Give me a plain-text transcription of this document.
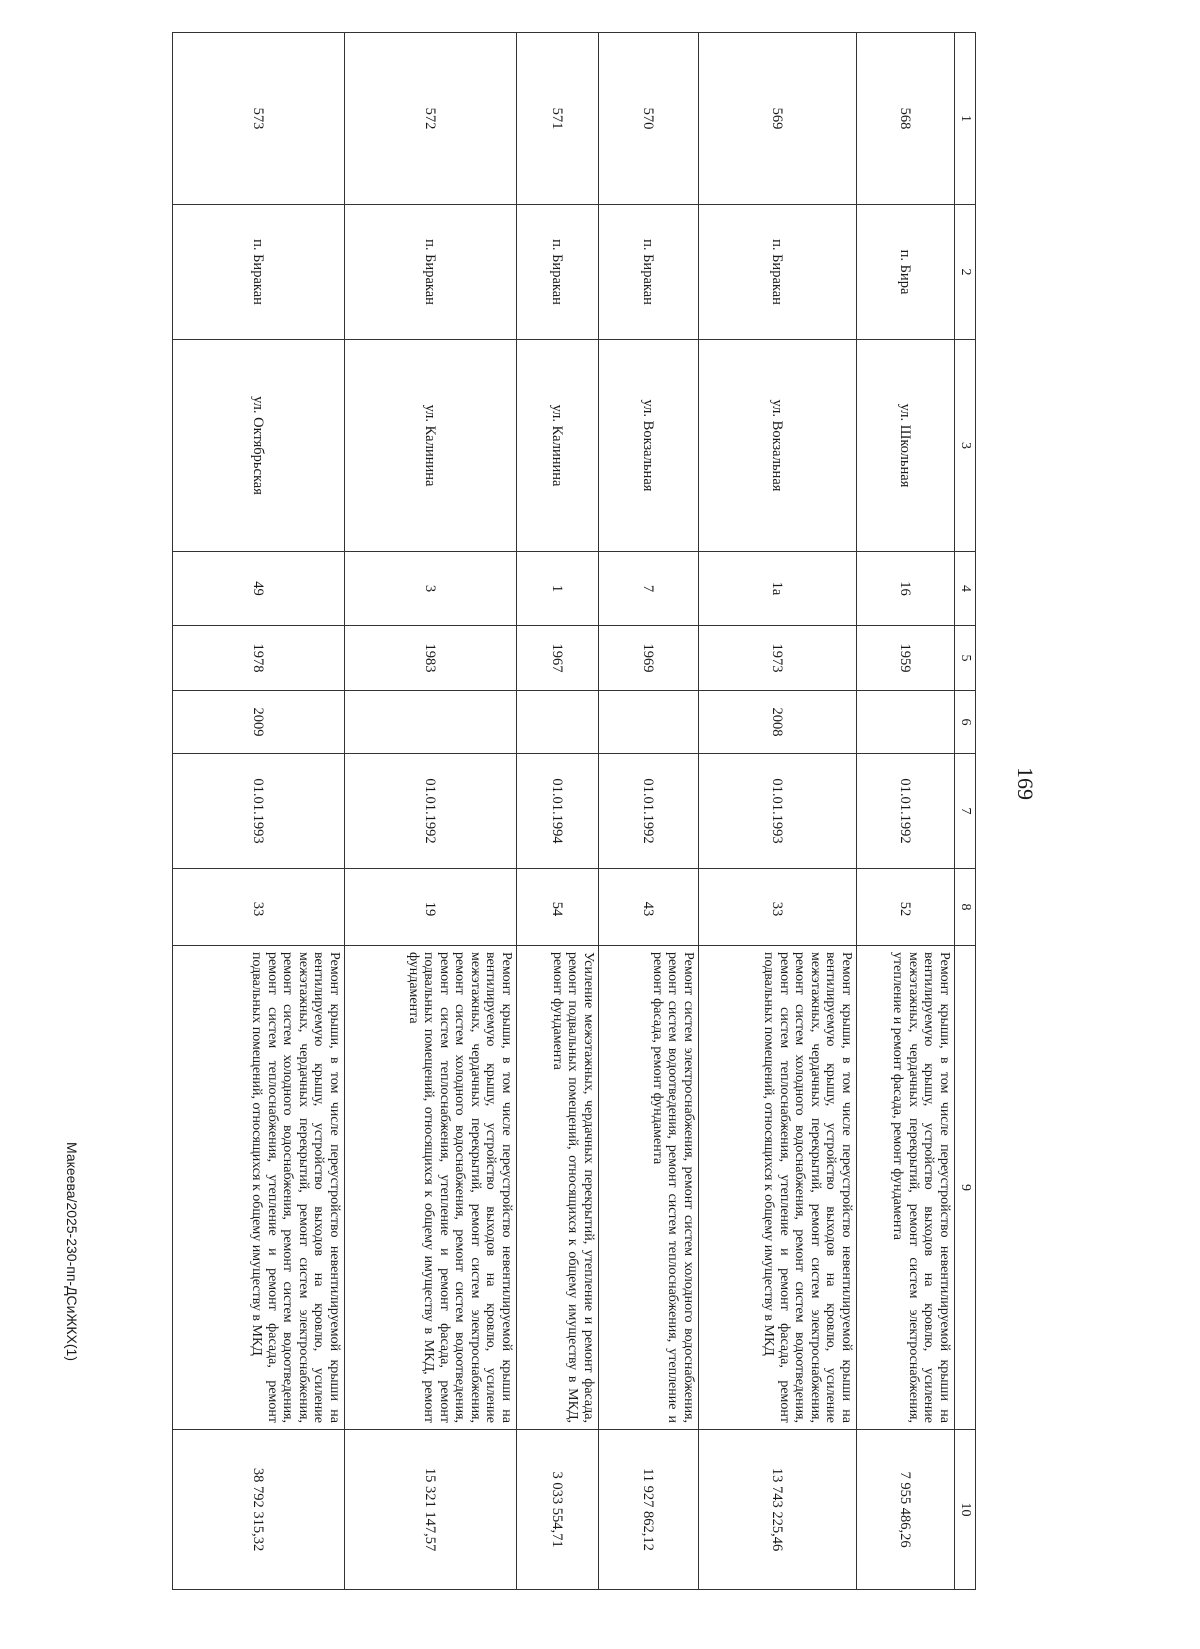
169
1	2	3	4	5	6	7	8	9	10
568	п. Бира	ул. Школьная	16	1959		01.01.1992	52	Ремонт крыши, в том числе переустройство невентилируемой крыши на вентилируемую крышу, устройство выходов на кровлю, усиление межэтажных, чердачных перекрытий, ремонт систем электроснабжения, утепление и ремонт фасада, ремонт фундамента	7 955 486,26
569	п. Биракан	ул. Вокзальная	1а	1973	2008	01.01.1993	33	Ремонт крыши, в том числе переустройство невентилируемой крыши на вентилируемую крышу, устройство выходов на кровлю, усиление межэтажных, чердачных перекрытий, ремонт систем электроснабжения, ремонт систем холодного водоснабжения, ремонт систем водоотведения, ремонт систем теплоснабжения, утепление и ремонт фасада, ремонт подвальных помещений, относящихся к общему имуществу в МКД	13 743 225,46
570	п. Биракан	ул. Вокзальная	7	1969		01.01.1992	43	Ремонт систем электроснабжения, ремонт систем холодного водоснабжения, ремонт систем водоотведения, ремонт систем теплоснабжения, утепление и ремонт фасада, ремонт фундамента	11 927 862,12
571	п. Биракан	ул. Калинина	1	1967		01.01.1994	54	Усиление межэтажных, чердачных перекрытий, утепление и ремонт фасада, ремонт подвальных помещений, относящихся к общему имуществу в МКД, ремонт фундамента	3 033 554,71
572	п. Биракан	ул. Калинина	3	1983		01.01.1992	19	Ремонт крыши, в том числе переустройство невентилируемой крыши на вентилируемую крышу, устройство выходов на кровлю, усиление межэтажных, чердачных перекрытий, ремонт систем электроснабжения, ремонт систем холодного водоснабжения, ремонт систем водоотведения, ремонт систем теплоснабжения, утепление и ремонт фасада, ремонт подвальных помещений, относящихся к общему имуществу в МКД, ремонт фундамента	15 321 147,57
573	п. Биракан	ул. Октябрьская	49	1978	2009	01.01.1993	33	Ремонт крыши, в том числе переустройство невентилируемой крыши на вентилируемую крышу, устройство выходов на кровлю, усиление межэтажных, чердачных перекрытий, ремонт систем электроснабжения, ремонт систем холодного водоснабжения, ремонт систем водоотведения, ремонт систем теплоснабжения, утепление и ремонт фасада, ремонт подвальных помещений, относящихся к общему имуществу в МКД	38 792 315,32
Макеева/2025-230-пп-ДСиЖКХ(1)
